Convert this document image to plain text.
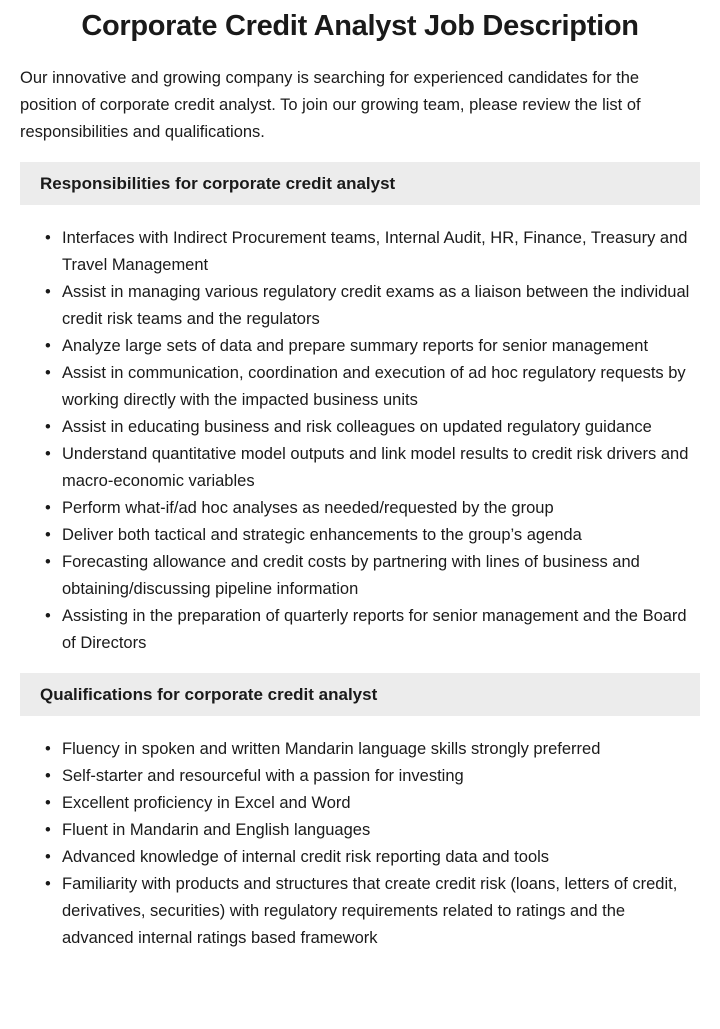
Corporate Credit Analyst Job Description

Our innovative and growing company is searching for experienced candidates for the position of corporate credit analyst. To join our growing team, please review the list of responsibilities and qualifications.

Responsibilities for corporate credit analyst
• Interfaces with Indirect Procurement teams, Internal Audit, HR, Finance, Treasury and Travel Management
• Assist in managing various regulatory credit exams as a liaison between the individual credit risk teams and the regulators
• Analyze large sets of data and prepare summary reports for senior management
• Assist in communication, coordination and execution of ad hoc regulatory requests by working directly with the impacted business units
• Assist in educating business and risk colleagues on updated regulatory guidance
• Understand quantitative model outputs and link model results to credit risk drivers and macro-economic variables
• Perform what-if/ad hoc analyses as needed/requested by the group
• Deliver both tactical and strategic enhancements to the group’s agenda
• Forecasting allowance and credit costs by partnering with lines of business and obtaining/discussing pipeline information
• Assisting in the preparation of quarterly reports for senior management and the Board of Directors
Qualifications for corporate credit analyst
• Fluency in spoken and written Mandarin language skills strongly preferred
• Self-starter and resourceful with a passion for investing
• Excellent proficiency in Excel and Word
• Fluent in Mandarin and English languages
• Advanced knowledge of internal credit risk reporting data and tools
• Familiarity with products and structures that create credit risk (loans, letters of credit, derivatives, securities) with regulatory requirements related to ratings and the advanced internal ratings based framework
